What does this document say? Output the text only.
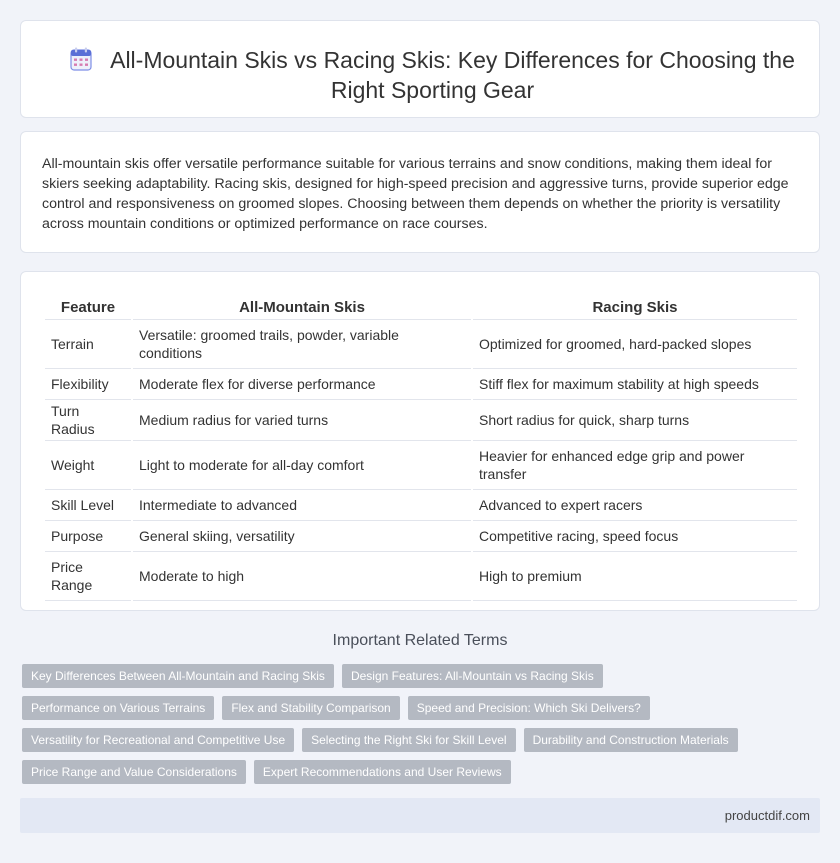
All-Mountain Skis vs Racing Skis: Key Differences for Choosing the Right Sporting Gear

All-mountain skis offer versatile performance suitable for various terrains and snow conditions, making them ideal for skiers seeking adaptability. Racing skis, designed for high-speed precision and aggressive turns, provide superior edge control and responsiveness on groomed slopes. Choosing between them depends on whether the priority is versatility across mountain conditions or optimized performance on race courses.

Feature	All-Mountain Skis	Racing Skis
Terrain	Versatile: groomed trails, powder, variable conditions	Optimized for groomed, hard-packed slopes
Flexibility	Moderate flex for diverse performance	Stiff flex for maximum stability at high speeds
Turn Radius	Medium radius for varied turns	Short radius for quick, sharp turns
Weight	Light to moderate for all-day comfort	Heavier for enhanced edge grip and power transfer
Skill Level	Intermediate to advanced	Advanced to expert racers
Purpose	General skiing, versatility	Competitive racing, speed focus
Price Range	Moderate to high	High to premium
Important Related Terms
Key Differences Between All-Mountain and Racing Skis	Design Features: All-Mountain vs Racing Skis
Performance on Various Terrains	Flex and Stability Comparison	Speed and Precision: Which Ski Delivers?
Versatility for Recreational and Competitive Use	Selecting the Right Ski for Skill Level	Durability and Construction Materials
Price Range and Value Considerations	Expert Recommendations and User Reviews
productdif.com
